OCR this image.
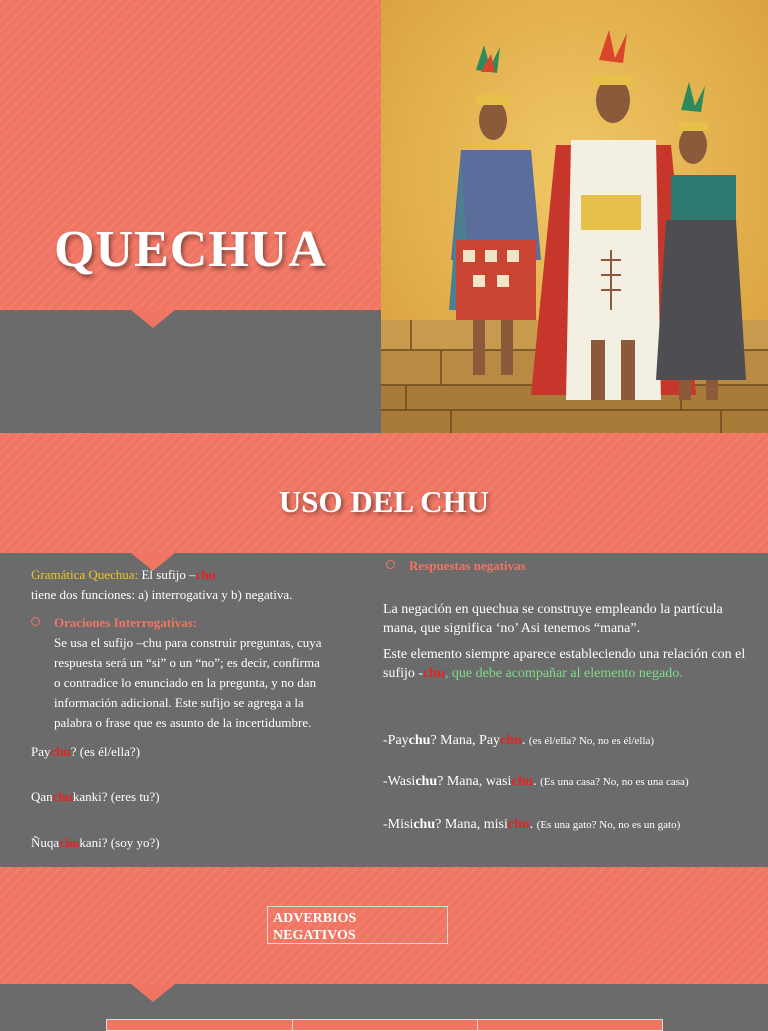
QUECHUA
USO DEL CHU
Gramática Quechua: El sufijo –chu
tiene dos funciones: a) interrogativa y b) negativa.
Oraciones Interrogativas:
Se usa el sufijo –chu para construir preguntas, cuya
respuesta será un “si” o un “no”; es decir, confirma
o contradice lo enunciado en la pregunta, y no dan
información adicional. Este sufijo se agrega a la
palabra o frase que es asunto de la incertidumbre.
Paychu? (es él/ella?)
Qanchukanki? (eres tu?)
Ñuqachukani? (soy yo?)
Respuestas negativas
La negación en quechua se construye empleando la partícula mana, que significa ‘no’ Asi tenemos “mana”.
Este elemento siempre aparece estableciendo una relación con el sufijo -chu, que debe acompañar al elemento negado.
-Paychu? Mana, Paychu. (es él/ella? No, no es él/ella)
-Wasichu? Mana, wasichu. (Es una casa? No, no es una casa)
-Misichu? Mana, misichu. (Es una gato? No, no es un gato)
ADVERBIOS
NEGATIVOS
